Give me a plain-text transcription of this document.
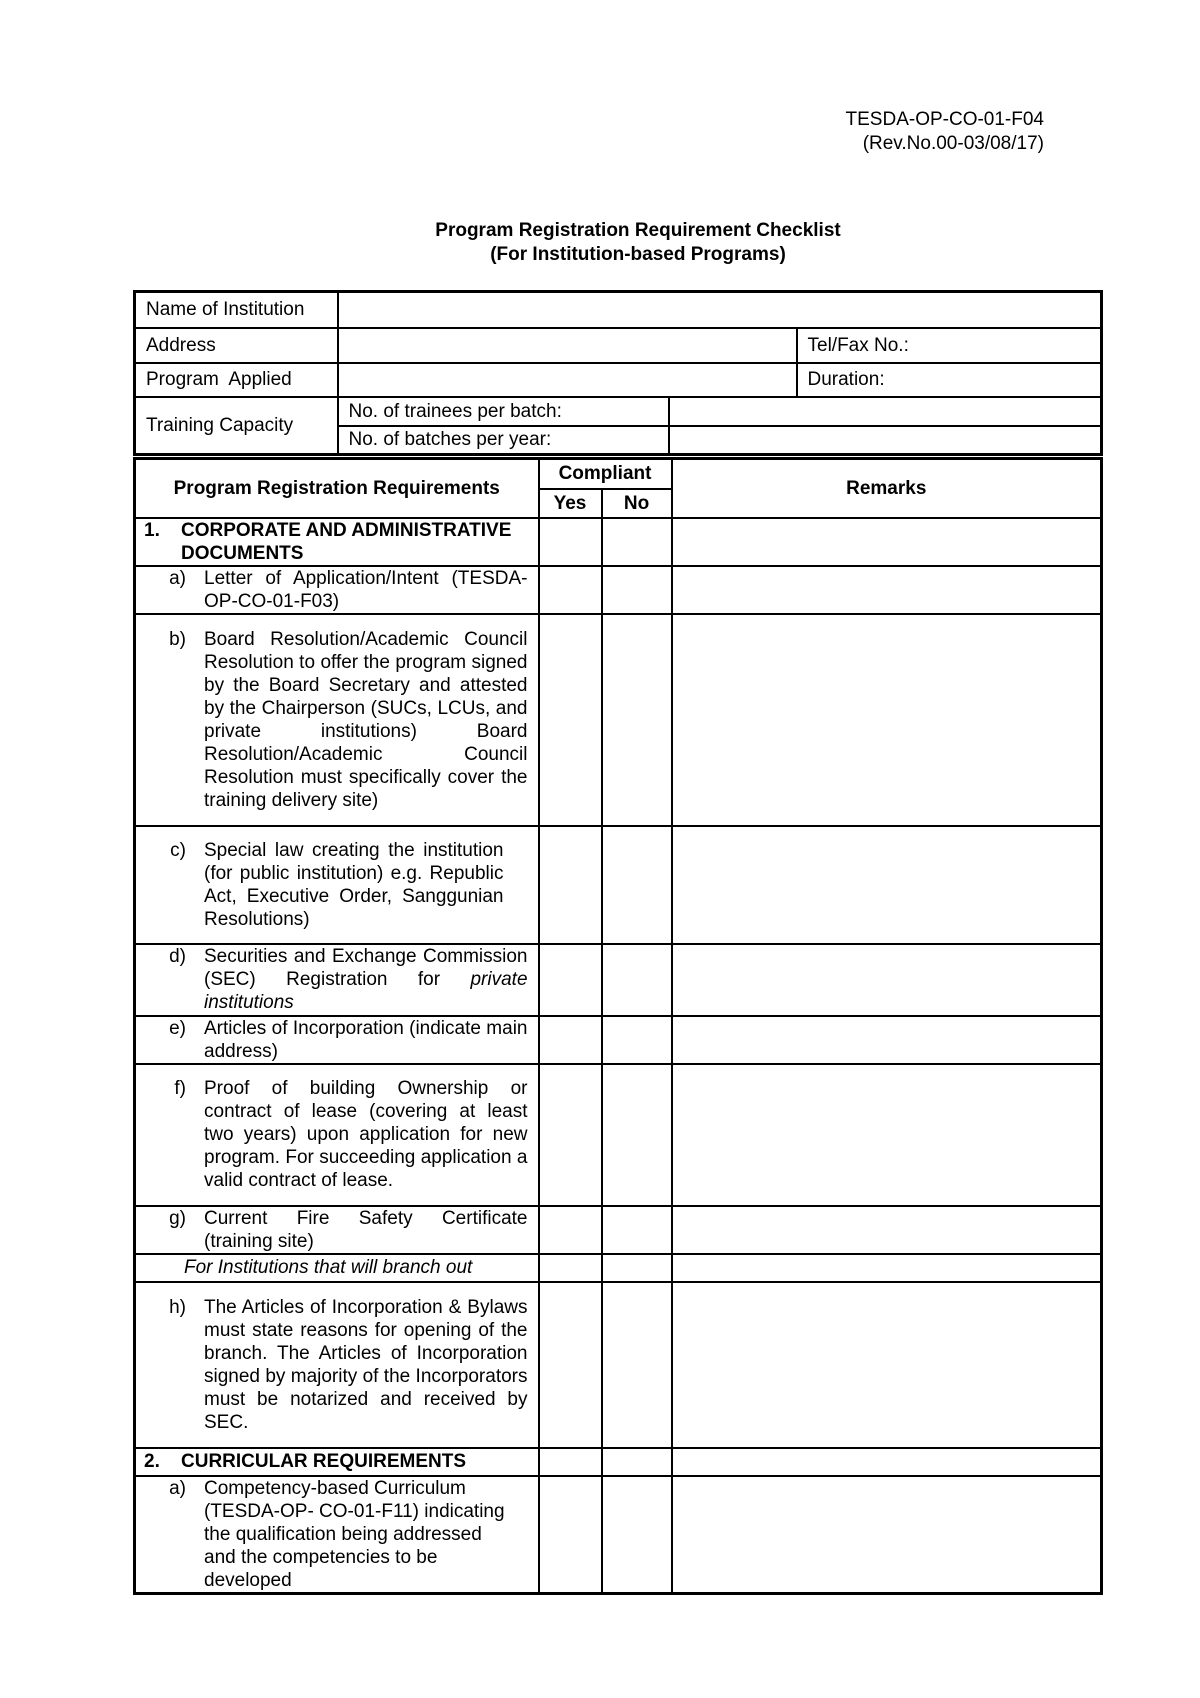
TESDA-OP-CO-01-F04
(Rev.No.00-03/08/17)
Program Registration Requirement Checklist
(For Institution-based Programs)
Name of Institution			
Address			Tel/Fax No.:
Program  Applied			Duration:
Training Capacity	No. of trainees per batch:		
	No. of batches per year:		
Program Registration Requirements	Compliant		Remarks
	Yes	No	

1. CORPORATE AND ADMINISTRATIVE DOCUMENTS			

a) Letter of Application/Intent (TESDA-OP-CO-01-F03)			

b) Board Resolution/Academic Council Resolution to offer the program signed by the Board Secretary and attested by the Chairperson (SUCs, LCUs, and private institutions) Board Resolution/Academic Council Resolution must specifically cover the training delivery site)			

c) Special law creating the institution (for public institution) e.g. Republic Act, Executive Order, Sanggunian Resolutions)			

d) Securities and Exchange Commission (SEC) Registration for private institutions			

e) Articles of Incorporation (indicate main address)			

f) Proof of building Ownership or contract of lease (covering at least two years) upon application for new program. For succeeding application a valid contract of lease.			

g) Current Fire Safety Certificate (training site)			

For Institutions that will branch out			

h) The Articles of Incorporation & Bylaws must state reasons for opening of the branch. The Articles of Incorporation signed by majority of the Incorporators must be notarized and received by SEC.			

2. CURRICULAR REQUIREMENTS			

a) Competency-based Curriculum (TESDA-OP- CO-01-F11) indicating the qualification being addressed and the competencies to be developed			
